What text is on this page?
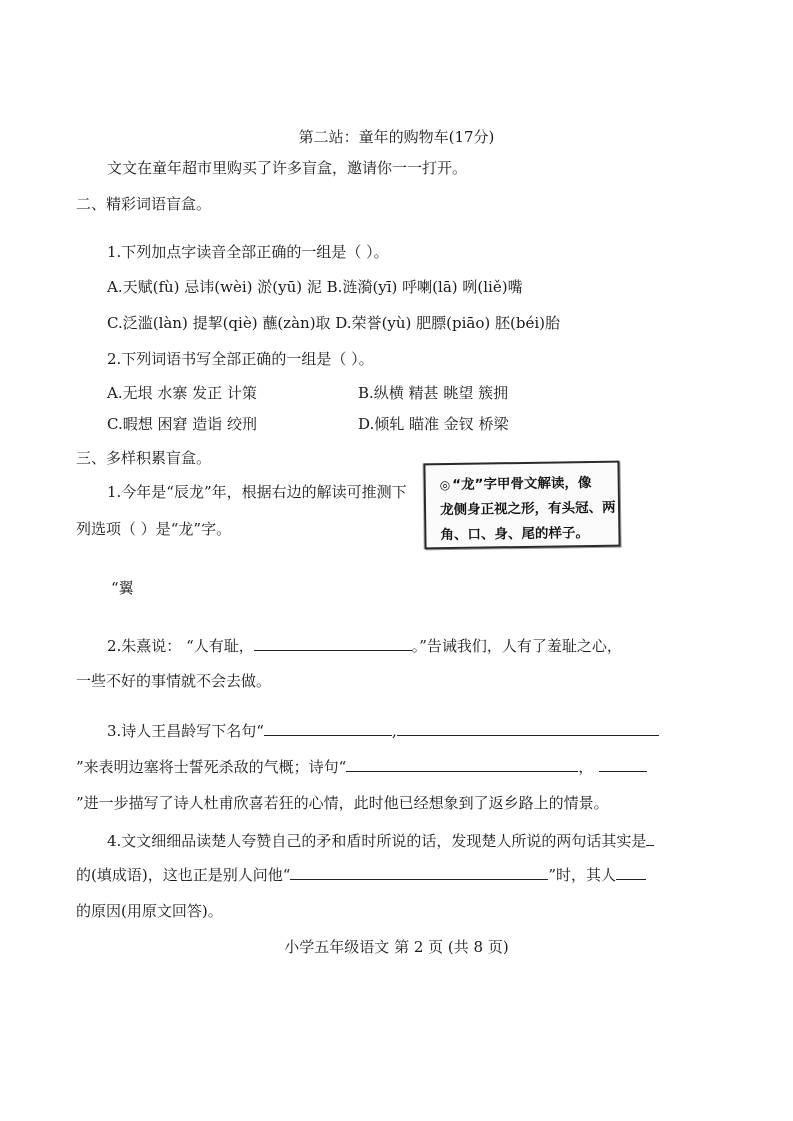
第二站：童年的购物车(17分)
文文在童年超市里购买了许多盲盒，邀请你一一打开。
二、精彩词语盲盒。
1.下列加点字读音全部正确的一组是（ ）。
A.天赋(fù) 忌讳(wèi) 淤(yū) 泥 B.涟漪(yī) 呼喇(lā) 咧(liě)嘴
C.泛滥(làn) 提挈(qiè) 蘸(zàn)取 D.荣誉(yù) 肥膘(piāo) 胚(béi)胎
2.下列词语书写全部正确的一组是（ ）。
A.无垠 水寨 发正 计策	B.纵横 精甚 眺望 簇拥
C.暇想 困窘 造诣 绞刑	D.倾轧 瞄准 金钗 桥梁
三、多样积累盲盒。
1.今年是“辰龙”年，根据右边的解读可推测下
列选项（ ）是“龙”字。
◎ “龙”字甲骨文解读，像
龙侧身正视之形，有头冠、两
角、口、身、尾的样子。
“翼
2.朱熹说： “人有耻，	。”告诫我们，人有了羞耻之心，
一些不好的事情就不会去做。
3.诗人王昌龄写下名句“	,
”来表明边塞将士誓死杀敌的气概；诗句“	，
”进一步描写了诗人杜甫欣喜若狂的心情，此时他已经想象到了返乡路上的情景。
4.文文细细品读楚人夸赞自己的矛和盾时所说的话，发现楚人所说的两句话其实是
的(填成语)，这也正是别人问他“	”时，其人
的原因(用原文回答)。
小学五年级语文 第 2 页 (共 8 页)
